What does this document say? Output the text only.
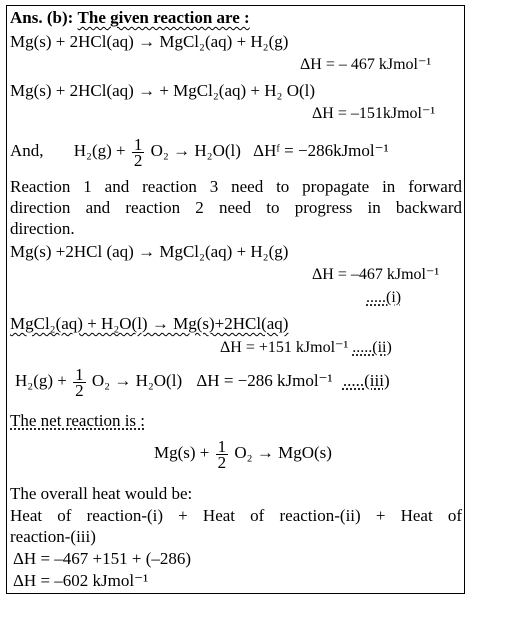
Ans. (b): The given reaction are :
Mg(s) + 2HCl(aq) → MgCl₂(aq) + H₂(g)
ΔH = – 467 kJmol⁻¹
Mg(s) + 2HCl(aq) → + MgCl₂(aq) + H₂ O(l)
ΔH = –151kJmol⁻¹
And, $H_2(g) + \frac{1}{2} O_2 \to H_2O(l)$ ΔHᶠ = −286kJmol⁻¹
Reaction 1 and reaction 3 need to propagate in forward
direction and reaction 2 need to progress in backward
direction.
Mg(s) +2HCl (aq) → MgCl₂(aq) + H₂(g)
ΔH = –467 kJmol⁻¹
.....(i)
MgCl₂(aq) + H₂O(l) → Mg(s)+2HCl(aq)
ΔH = +151 kJmol⁻¹ .....(ii)
$H_2(g) + \frac{1}{2} O_2 \to H_2O(l) \Delta H = -286$ kJmol⁻¹ .....(iii)
The net reaction is :
$Mg(s) + \frac{1}{2} O_2 \to MgO(s)$
The overall heat would be:
Heat of reaction-(i) + Heat of reaction-(ii) + Heat of
reaction-(iii)
ΔH = –467 +151 + (–286)
ΔH = –602 kJmol⁻¹
